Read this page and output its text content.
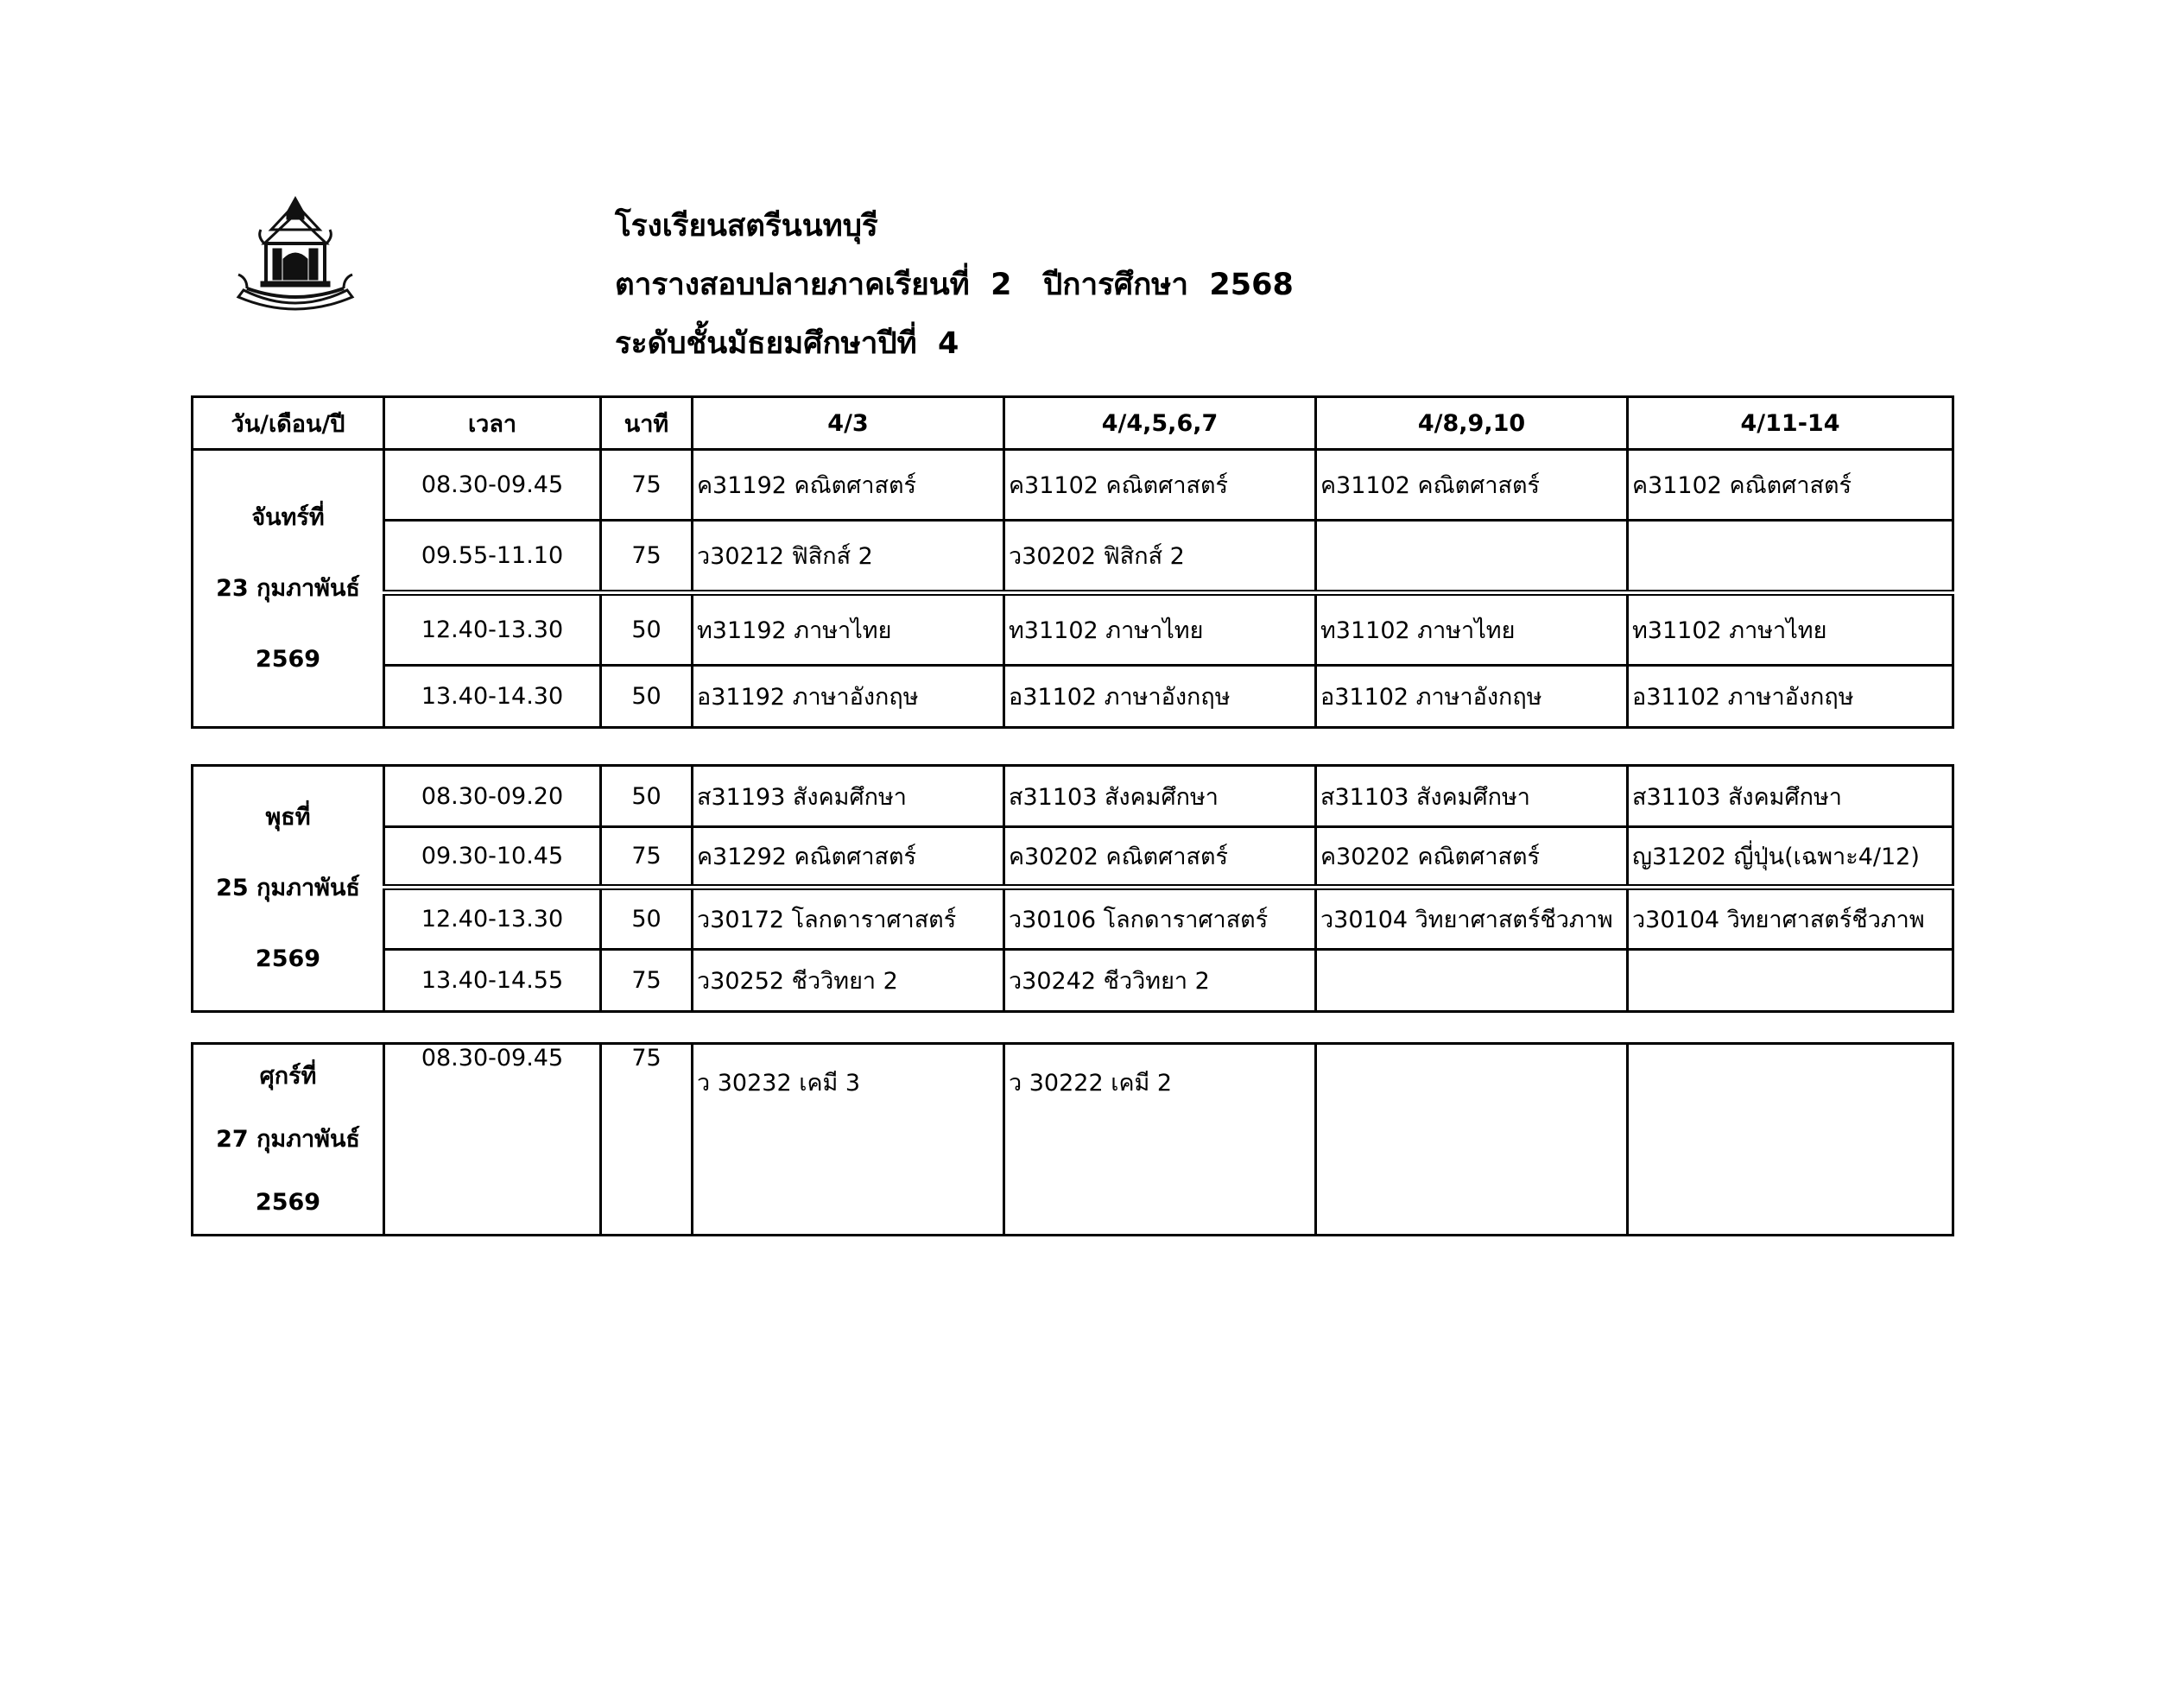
โรงเรียนสตรีนนทบุรี
ตารางสอบปลายภาคเรียนที่  2   ปีการศึกษา  2568
ระดับชั้นมัธยมศึกษาปีที่  4
วัน/เดือน/ปี	เวลา	นาที	4/3	4/4,5,6,7	4/8,9,10	4/11-14

จันทร์ที่
23 กุมภาพันธ์
2569	08.30-09.45	75	ค31192 คณิตศาสตร์	ค31102 คณิตศาสตร์	ค31102 คณิตศาสตร์	ค31102 คณิตศาสตร์
	09.55-11.10	75	ว30212 ฟิสิกส์ 2	ว30202 ฟิสิกส์ 2		
	12.40-13.30	50	ท31192 ภาษาไทย	ท31102 ภาษาไทย	ท31102 ภาษาไทย	ท31102 ภาษาไทย
	13.40-14.30	50	อ31192 ภาษาอังกฤษ	อ31102 ภาษาอังกฤษ	อ31102 ภาษาอังกฤษ	อ31102 ภาษาอังกฤษ
พุธที่
25 กุมภาพันธ์
2569	08.30-09.20	50	ส31193 สังคมศึกษา	ส31103 สังคมศึกษา	ส31103 สังคมศึกษา	ส31103 สังคมศึกษา
	09.30-10.45	75	ค31292 คณิตศาสตร์	ค30202 คณิตศาสตร์	ค30202 คณิตศาสตร์	ญ31202 ญี่ปุ่น(เฉพาะ4/12)
	12.40-13.30	50	ว30172 โลกดาราศาสตร์	ว30106 โลกดาราศาสตร์	ว30104 วิทยาศาสตร์ชีวภาพ	ว30104 วิทยาศาสตร์ชีวภาพ
	13.40-14.55	75	ว30252 ชีววิทยา 2	ว30242 ชีววิทยา 2		
ศุกร์ที่
27 กุมภาพันธ์
2569
	08.30-09.45	75	ว 30232 เคมี 3	ว 30222 เคมี 2		
